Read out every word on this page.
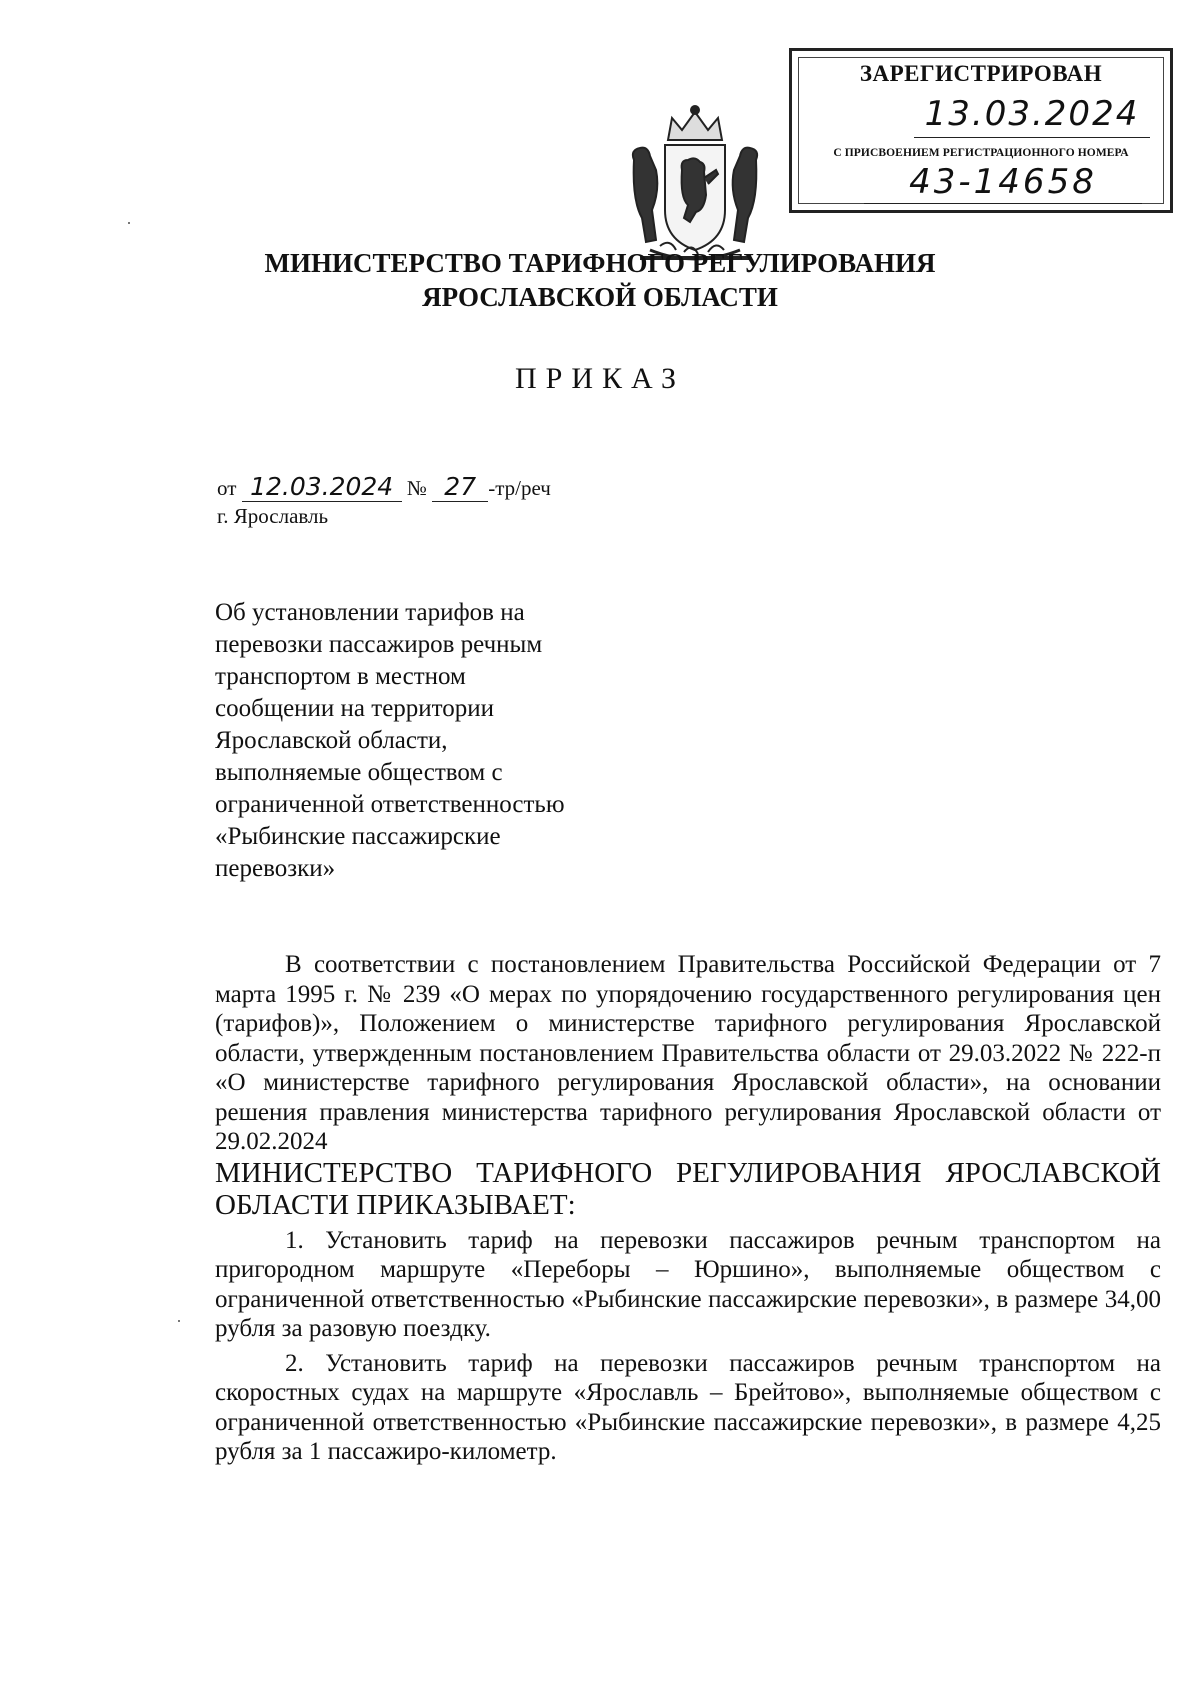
ЗАРЕГИСТРИРОВАН
13.03.2024
С ПРИСВОЕНИЕМ РЕГИСТРАЦИОННОГО НОМЕРА
43-14658
МИНИСТЕРСТВО ТАРИФНОГО РЕГУЛИРОВАНИЯ
ЯРОСЛАВСКОЙ ОБЛАСТИ
ПРИКАЗ
от 12.03.2024 № 27 -тр/реч
г. Ярославль
Об установлении тарифов на
перевозки пассажиров речным
транспортом в местном
сообщении на территории
Ярославской области,
выполняемые обществом с
ограниченной ответственностью
«Рыбинские пассажирские
перевозки»

В соответствии с постановлением Правительства Российской Федерации от 7 марта 1995 г. № 239 «О мерах по упорядочению государственного регулирования цен (тарифов)», Положением о министерстве тарифного регулирования Ярославской области, утвержденным постановлением Правительства области от 29.03.2022 № 222-п «О министерстве тарифного регулирования Ярославской области», на основании решения правления министерства тарифного регулирования Ярославской области от 29.02.2024

МИНИСТЕРСТВО ТАРИФНОГО РЕГУЛИРОВАНИЯ ЯРОСЛАВСКОЙ ОБЛАСТИ ПРИКАЗЫВАЕТ:

1. Установить тариф на перевозки пассажиров речным транспортом на пригородном маршруте «Переборы – Юршино», выполняемые обществом с ограниченной ответственностью «Рыбинские пассажирские перевозки», в размере 34,00 рубля за разовую поездку.

2. Установить тариф на перевозки пассажиров речным транспортом на скоростных судах на маршруте «Ярославль – Брейтово», выполняемые обществом с ограниченной ответственностью «Рыбинские пассажирские перевозки», в размере 4,25 рубля за 1 пассажиро-километр.
